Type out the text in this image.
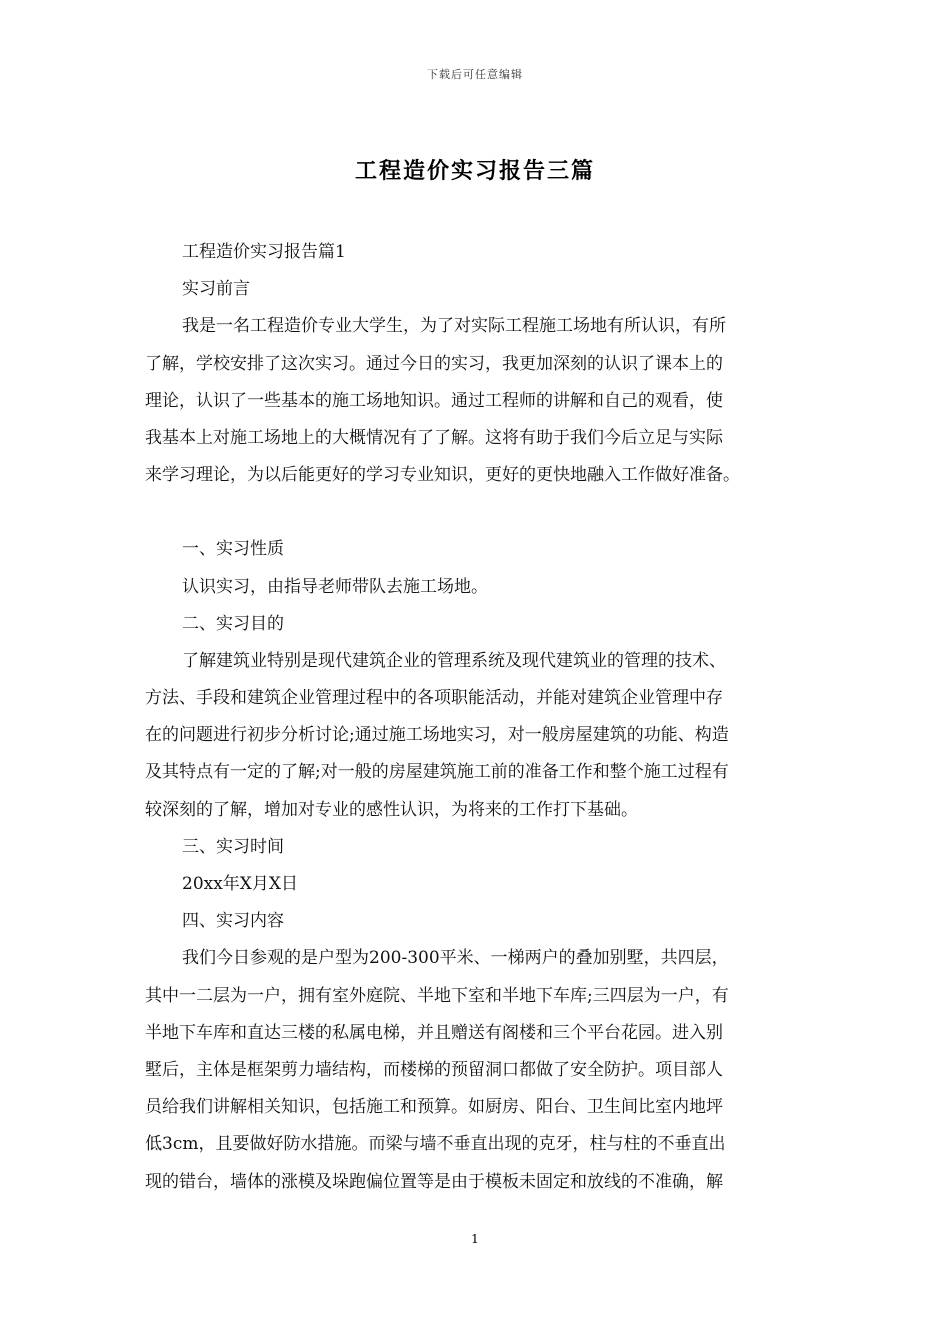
下载后可任意编辑
工程造价实习报告三篇
工程造价实习报告篇1
实习前言
我是一名工程造价专业大学生，为了对实际工程施工场地有所认识，有所
了解，学校安排了这次实习。通过今日的实习，我更加深刻的认识了课本上的
理论，认识了一些基本的施工场地知识。通过工程师的讲解和自己的观看，使
我基本上对施工场地上的大概情况有了了解。这将有助于我们今后立足与实际
来学习理论，为以后能更好的学习专业知识，更好的更快地融入工作做好准备。
一、实习性质
认识实习，由指导老师带队去施工场地。
二、实习目的
了解建筑业特别是现代建筑企业的管理系统及现代建筑业的管理的技术、
方法、手段和建筑企业管理过程中的各项职能活动，并能对建筑企业管理中存
在的问题进行初步分析讨论;通过施工场地实习，对一般房屋建筑的功能、构造
及其特点有一定的了解;对一般的房屋建筑施工前的准备工作和整个施工过程有
较深刻的了解，增加对专业的感性认识，为将来的工作打下基础。
三、实习时间
20xx年X月X日
四、实习内容
我们今日参观的是户型为200-300平米、一梯两户的叠加别墅，共四层，
其中一二层为一户，拥有室外庭院、半地下室和半地下车库;三四层为一户，有
半地下车库和直达三楼的私属电梯，并且赠送有阁楼和三个平台花园。进入别
墅后，主体是框架剪力墙结构，而楼梯的预留洞口都做了安全防护。项目部人
员给我们讲解相关知识，包括施工和预算。如厨房、阳台、卫生间比室内地坪
低3cm，且要做好防水措施。而梁与墙不垂直出现的克牙，柱与柱的不垂直出
现的错台，墙体的涨模及垛跑偏位置等是由于模板未固定和放线的不准确，解
1
